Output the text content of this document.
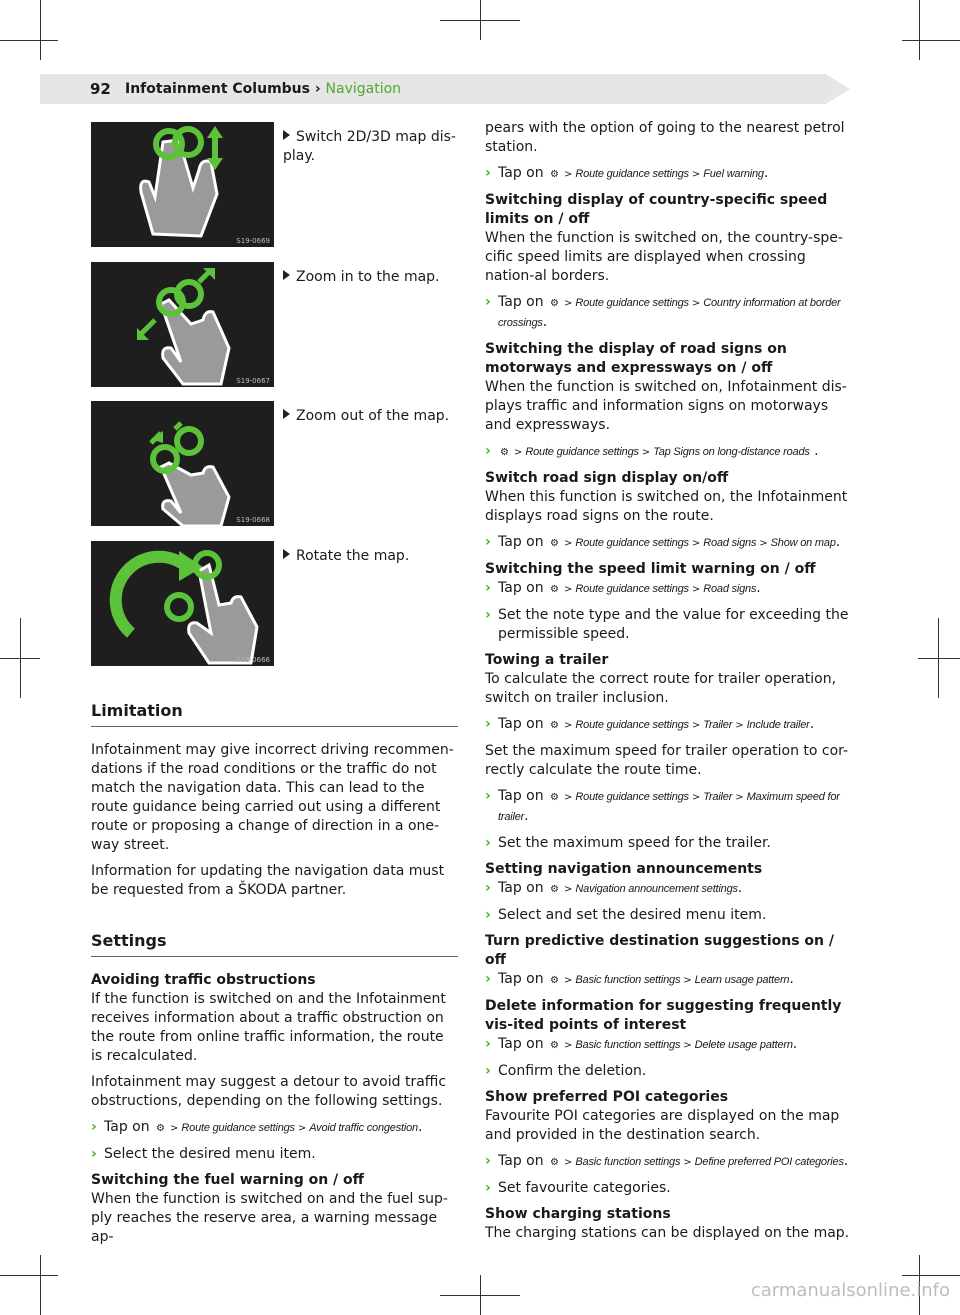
92 Infotainment Columbus › Navigation
S19-0669
Switch 2D/3D map dis-play.
S19-0667
Zoom in to the map.
S19-0668
Zoom out of the map.
S19-0666
Rotate the map.
Limitation

Infotainment may give incorrect driving recommen-dations if the road conditions or the traffic do not match the navigation data. This can lead to the route guidance being carried out using a different route or proposing a change of direction in a one-way street.

Information for updating the navigation data must be requested from a ŠKODA partner.

Settings

Avoiding traffic obstructions

If the function is switched on and the Infotainment receives information about a traffic obstruction on the route from online traffic information, the route is recalculated.

Infotainment may suggest a detour to avoid traffic obstructions, depending on the following settings.

› Tap on ⚙ > Route guidance settings > Avoid traffic congestion.
› Select the desired menu item.

Switching the fuel warning on / off

When the function is switched on and the fuel sup-ply reaches the reserve area, a warning message ap-

pears with the option of going to the nearest petrol station.

› Tap on ⚙ > Route guidance settings > Fuel warning.

Switching display of country-specific speed limits on / off

When the function is switched on, the country-spe-cific speed limits are displayed when crossing nation-al borders.

› Tap on ⚙ > Route guidance settings > Country information at border crossings.

Switching the display of road signs on motorways and expressways on / off

When the function is switched on, Infotainment dis-plays traffic and information signs on motorways and expressways.

› ⚙ > Route guidance settings > Tap Signs on long-distance roads .

Switch road sign display on/off

When this function is switched on, the Infotainment displays road signs on the route.

› Tap on ⚙ > Route guidance settings > Road signs > Show on map.

Switching the speed limit warning on / off

› Tap on ⚙ > Route guidance settings > Road signs.
› Set the note type and the value for exceeding the permissible speed.

Towing a trailer

To calculate the correct route for trailer operation, switch on trailer inclusion.

› Tap on ⚙ > Route guidance settings > Trailer > Include trailer.

Set the maximum speed for trailer operation to cor-rectly calculate the route time.

› Tap on ⚙ > Route guidance settings > Trailer > Maximum speed for trailer.
› Set the maximum speed for the trailer.

Setting navigation announcements

› Tap on ⚙ > Navigation announcement settings.
› Select and set the desired menu item.

Turn predictive destination suggestions on / off

› Tap on ⚙ > Basic function settings > Learn usage pattern.

Delete information for suggesting frequently vis-ited points of interest

› Tap on ⚙ > Basic function settings > Delete usage pattern.
› Confirm the deletion.

Show preferred POI categories

Favourite POI categories are displayed on the map and provided in the destination search.

› Tap on ⚙ > Basic function settings > Define preferred POI categories.
› Set favourite categories.

Show charging stations

The charging stations can be displayed on the map.

carmanualsonline.info
